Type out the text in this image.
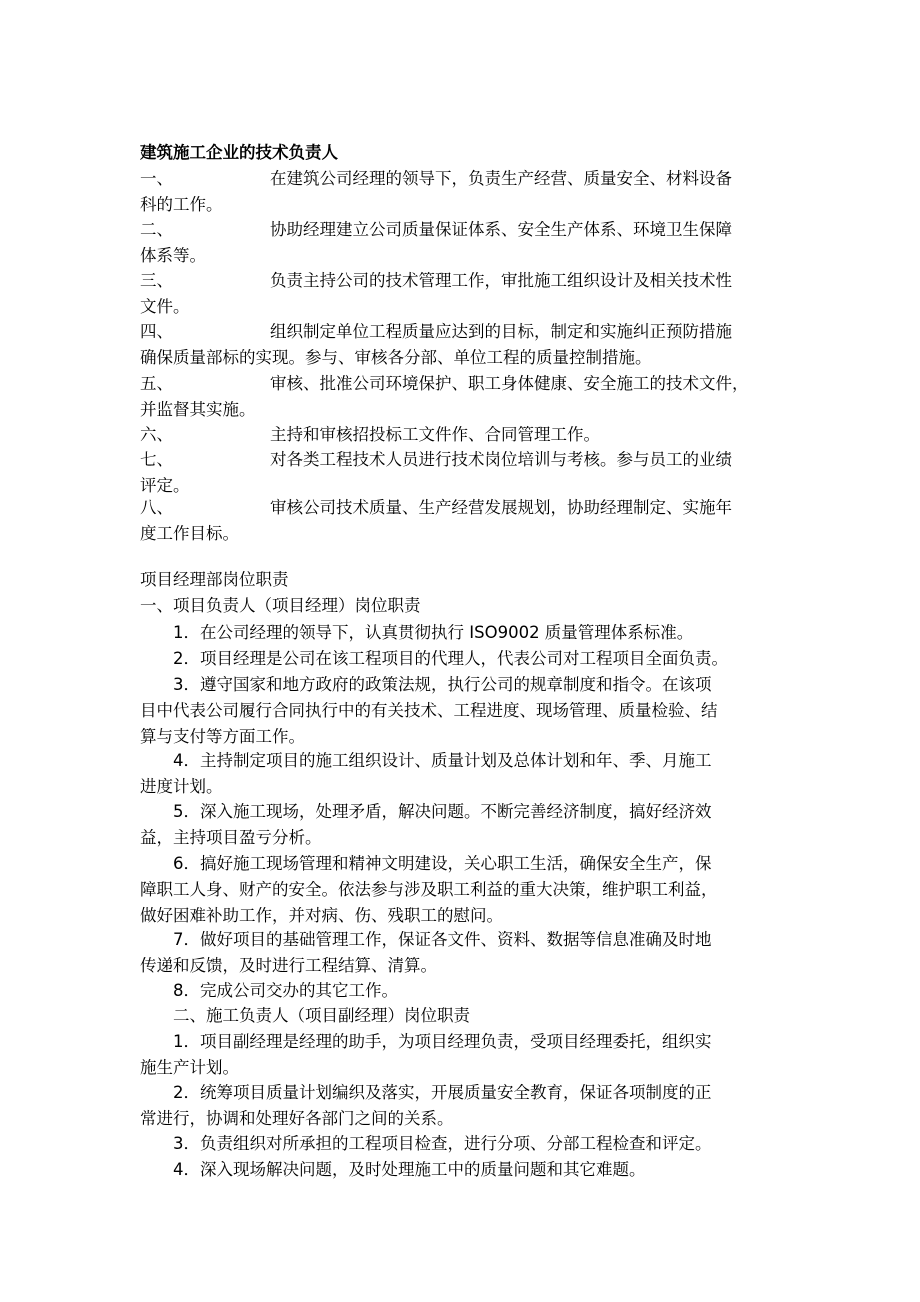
建筑施工企业的技术负责人
一、	在建筑公司经理的领导下，负责生产经营、质量安全、材料设备
科的工作。
二、	协助经理建立公司质量保证体系、安全生产体系、环境卫生保障
体系等。
三、	负责主持公司的技术管理工作，审批施工组织设计及相关技术性
文件。
四、	组织制定单位工程质量应达到的目标，制定和实施纠正预防措施
确保质量部标的实现。参与、审核各分部、单位工程的质量控制措施。
五、	审核、批准公司环境保护、职工身体健康、安全施工的技术文件，
并监督其实施。
六、	主持和审核招投标工文件作、合同管理工作。
七、	对各类工程技术人员进行技术岗位培训与考核。参与员工的业绩
评定。
八、	审核公司技术质量、生产经营发展规划，协助经理制定、实施年
度工作目标。
项目经理部岗位职责
一、项目负责人（项目经理）岗位职责
1．在公司经理的领导下，认真贯彻执行 ISO9002 质量管理体系标准。
2．项目经理是公司在该工程项目的代理人，代表公司对工程项目全面负责。
3．遵守国家和地方政府的政策法规，执行公司的规章制度和指令。在该项
目中代表公司履行合同执行中的有关技术、工程进度、现场管理、质量检验、结
算与支付等方面工作。
4．主持制定项目的施工组织设计、质量计划及总体计划和年、季、月施工
进度计划。
5．深入施工现场，处理矛盾，解决问题。不断完善经济制度，搞好经济效
益，主持项目盈亏分析。
6．搞好施工现场管理和精神文明建设，关心职工生活，确保安全生产，保
障职工人身、财产的安全。依法参与涉及职工利益的重大决策，维护职工利益，
做好困难补助工作，并对病、伤、残职工的慰问。
7．做好项目的基础管理工作，保证各文件、资料、数据等信息准确及时地
传递和反馈，及时进行工程结算、清算。
8．完成公司交办的其它工作。
二、施工负责人（项目副经理）岗位职责
1．项目副经理是经理的助手，为项目经理负责，受项目经理委托，组织实
施生产计划。
2．统筹项目质量计划编织及落实，开展质量安全教育，保证各项制度的正
常进行，协调和处理好各部门之间的关系。
3．负责组织对所承担的工程项目检查，进行分项、分部工程检查和评定。
4．深入现场解决问题，及时处理施工中的质量问题和其它难题。
